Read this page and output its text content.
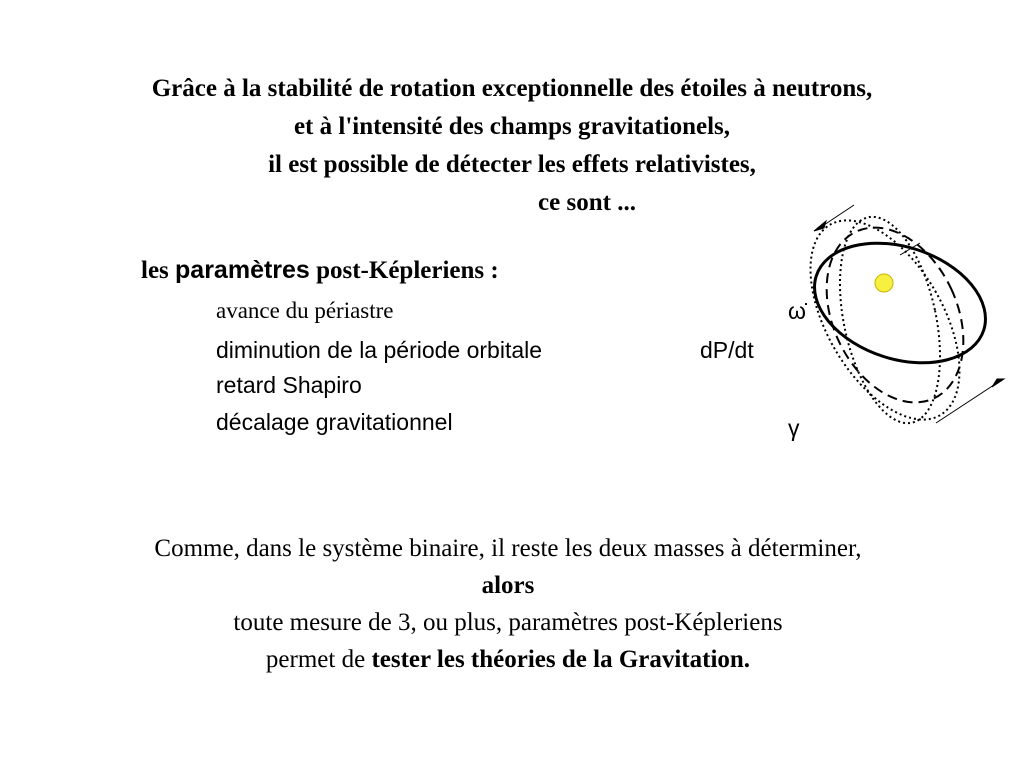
Grâce à la stabilité de rotation exceptionnelle des étoiles à neutrons,
et à l'intensité des champs gravitationels,
il est possible de détecter les effets relativistes,
ce sont ...
les paramètres post-Képleriens :
avance du périastre
diminution de la période orbitale
retard Shapiro
décalage gravitationnel
ω̇
dP/dt
γ
Comme, dans le système binaire, il reste les deux masses à déterminer,
alors
toute mesure de 3, ou plus, paramètres post-Képleriens
permet de tester les théories de la Gravitation.
